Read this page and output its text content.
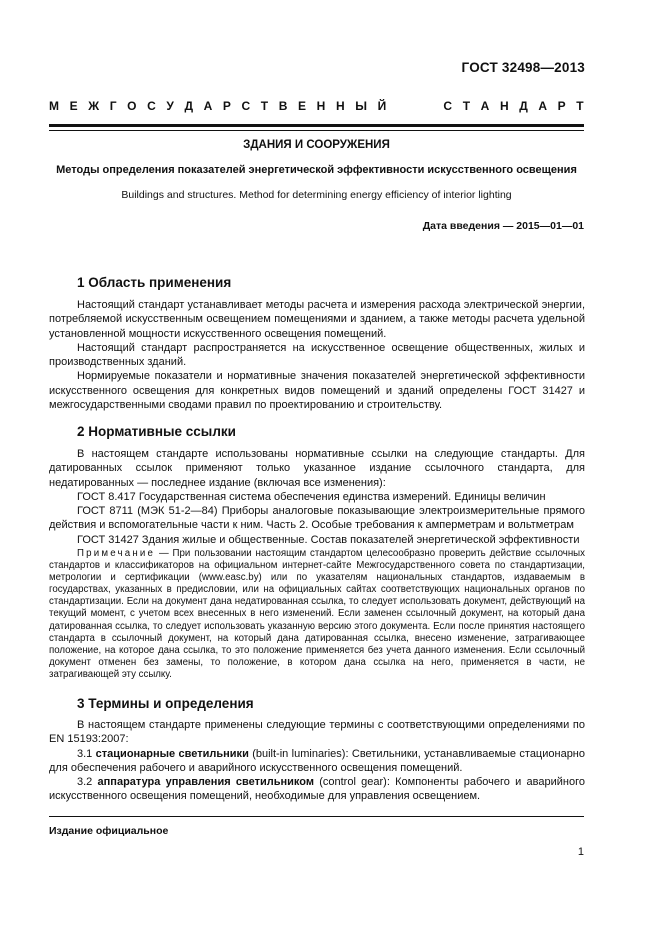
ГОСТ 32498—2013
М Е Ж Г О С У Д А Р С Т В Е Н Н Ы Й	С Т А Н Д А Р Т
ЗДАНИЯ И СООРУЖЕНИЯ
Методы определения показателей энергетической эффективности искусственного освещения
Buildings and structures. Method for determining energy efficiency of interior lighting
Дата введения — 2015—01—01
1 Область применения

Настоящий стандарт устанавливает методы расчета и измерения расхода электрической энергии, потребляемой искусственным освещением помещениями и зданием, а также методы расчета удельной установленной мощности искусственного освещения помещений.

Настоящий стандарт распространяется на искусственное освещение общественных, жилых и производственных зданий.

Нормируемые показатели и нормативные значения показателей энергетической эффективности искусственного освещения для конкретных видов помещений и зданий определены ГОСТ 31427 и межгосударственными сводами правил по проектированию и строительству.

2 Нормативные ссылки

В настоящем стандарте использованы нормативные ссылки на следующие стандарты. Для датированных ссылок применяют только указанное издание ссылочного стандарта, для недатированных — последнее издание (включая все изменения):

ГОСТ 8.417 Государственная система обеспечения единства измерений. Единицы величин

ГОСТ 8711 (МЭК 51-2—84) Приборы аналоговые показывающие электроизмерительные прямого действия и вспомогательные части к ним. Часть 2. Особые требования к амперметрам и вольтметрам

ГОСТ 31427 Здания жилые и общественные. Состав показателей энергетической эффективности

Примечание — При пользовании настоящим стандартом целесообразно проверить действие ссылочных стандартов и классификаторов на официальном интернет-сайте Межгосударственного совета по стандартизации, метрологии и сертификации (www.easc.by) или по указателям национальных стандартов, издаваемым в государствах, указанных в предисловии, или на официальных сайтах соответствующих национальных органов по стандартизации. Если на документ дана недатированная ссылка, то следует использовать документ, действующий на текущий момент, с учетом всех внесенных в него изменений. Если заменен ссылочный документ, на который дана датированная ссылка, то следует использовать указанную версию этого документа. Если после принятия настоящего стандарта в ссылочный документ, на который дана датированная ссылка, внесено изменение, затрагивающее положение, на которое дана ссылка, то это положение применяется без учета данного изменения. Если ссылочный документ отменен без замены, то положение, в котором дана ссылка на него, применяется в части, не затрагивающей эту ссылку.

3 Термины и определения

В настоящем стандарте применены следующие термины с соответствующими определениями по EN 15193:2007:

3.1 стационарные светильники (built-in luminaries): Светильники, устанавливаемые стационарно для обеспечения рабочего и аварийного искусственного освещения помещений.

3.2 аппаратура управления светильником (control gear): Компоненты рабочего и аварийного искусственного освещения помещений, необходимые для управления освещением.

Издание официальное
1
